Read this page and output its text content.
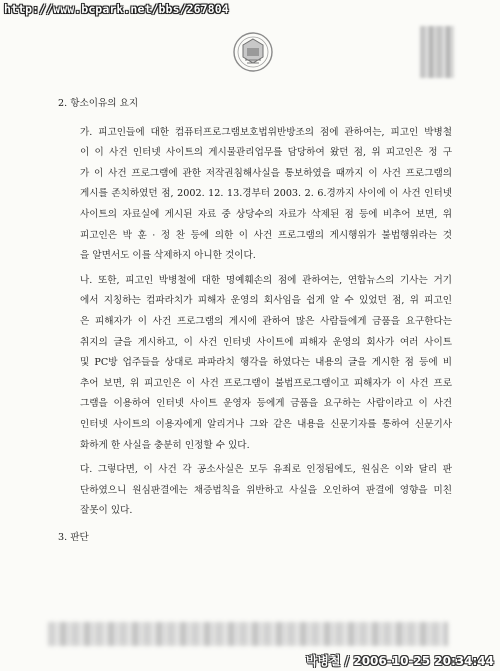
http://www.bcpark.net/bbs/267804

2. 항소이유의 요지

가. 피고인들에 대한 컴퓨터프로그램보호법위반방조의 점에 관하여는, 피고인 박병철

이 이 사건 인터넷 사이트의 게시물관리업무를 담당하여 왔던 점, 위 피고인은 정 구

가 이 사건 프로그램에 관한 저작권침해사실을 통보하였을 때까지 이 사건 프로그램의

게시를 존치하였던 점, 2002. 12. 13.경부터 2003. 2. 6.경까지 사이에 이 사건 인터넷

사이트의 자료실에 게시된 자료 중 상당수의 자료가 삭제된 점 등에 비추어 보면, 위

피고인은 박 훈 · 정 찬 등에 의한 이 사건 프로그램의 게시행위가 불법행위라는 것

을 알면서도 이를 삭제하지 아니한 것이다.

나. 또한, 피고인 박병철에 대한 명예훼손의 점에 관하여는, 연합뉴스의 기사는 거기

에서 지칭하는 컴파라치가 피해자 운영의 회사임을 쉽게 알 수 있었던 점, 위 피고인

은 피해자가 이 사건 프로그램의 게시에 관하여 많은 사람들에게 금품을 요구한다는

취지의 글을 게시하고, 이 사건 인터넷 사이트에 피해자 운영의 회사가 여러 사이트

및 PC방 업주들을 상대로 파파라치 행각을 하였다는 내용의 글을 게시한 점 등에 비

추어 보면, 위 피고인은 이 사건 프로그램이 불법프로그램이고 피해자가 이 사건 프로

그램을 이용하여 인터넷 사이트 운영자 등에게 금품을 요구하는 사람이라고 이 사건

인터넷 사이트의 이용자에게 알리거나 그와 같은 내용을 신문기자를 통하여 신문기사

화하게 한 사실을 충분히 인정할 수 있다.

다. 그렇다면, 이 사건 각 공소사실은 모두 유죄로 인정됨에도, 원심은 이와 달리 판

단하였으니 원심판결에는 채증법칙을 위반하고 사실을 오인하여 판결에 영향을 미친

잘못이 있다.

3. 판단

박병철 / 2006-10-25 20:34:44
